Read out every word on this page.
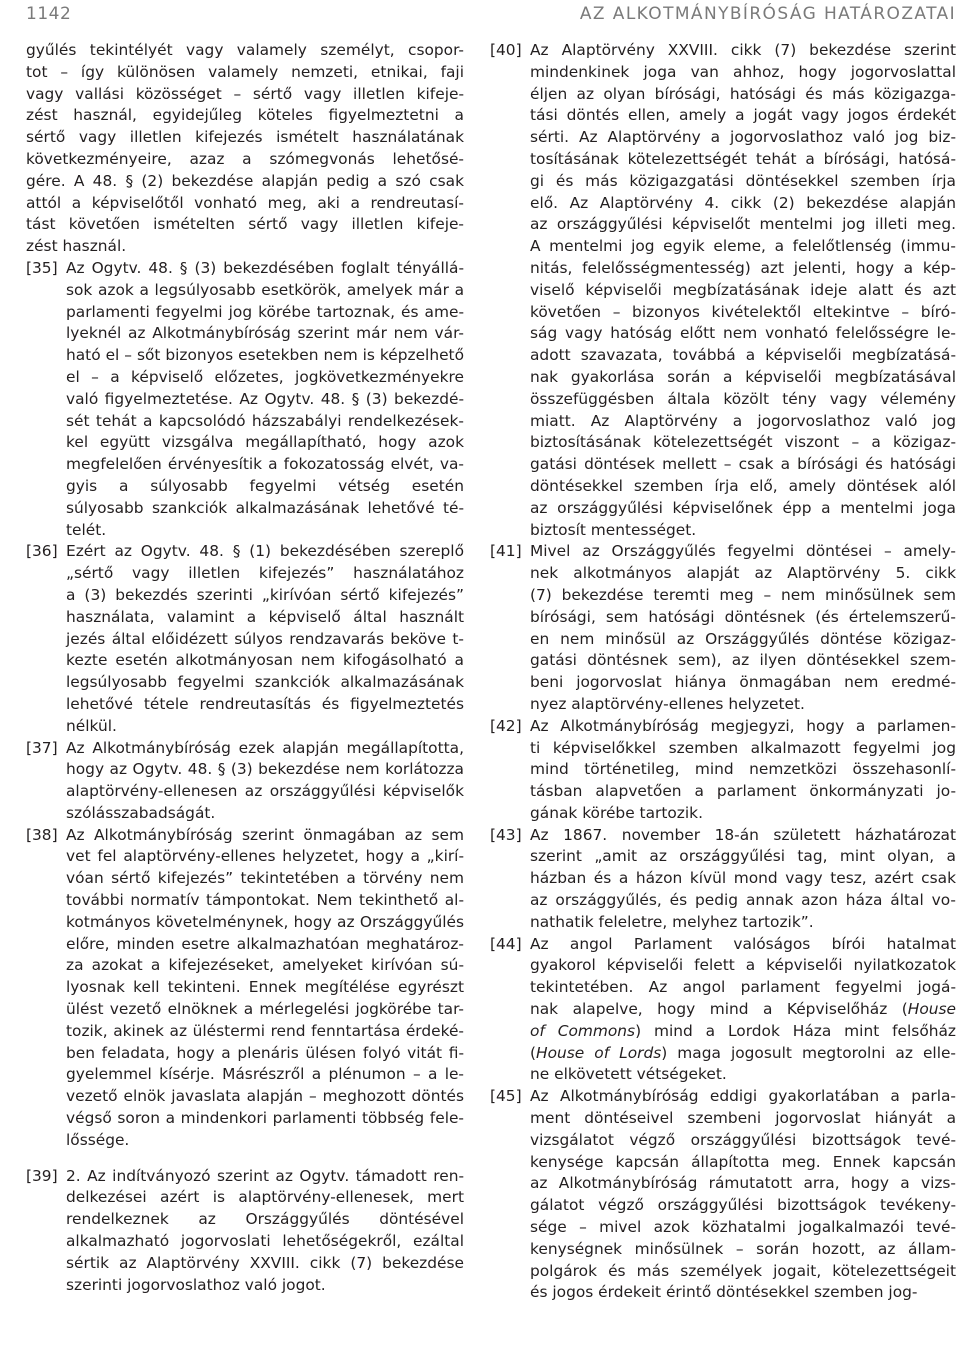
1142	AZ ALKOTMÁNYBÍRÓSÁG HATÁROZATAI
gyűlés tekintélyét vagy valamely személyt, csopor-
tot – így különösen valamely nemzeti, etnikai, faji
vagy vallási közösséget – sértő vagy illetlen kifeje-
zést használ, egyidejűleg köteles figyelmeztetni a
sértő vagy illetlen kifejezés ismételt használatának
következményeire, azaz a szómegvonás lehetősé-
gére. A 48. § (2) bekezdése alapján pedig a szó csak
attól a képviselőtől vonható meg, aki a rendreutasí-
tást követően ismételten sértő vagy illetlen kifeje-
zést használ.
[35] Az Ogytv. 48. § (3) bekezdésében foglalt tényállá-
sok azok a legsúlyosabb esetkörök, amelyek már a
parlamenti fegyelmi jog körébe tartoznak, és ame-
lyeknél az Alkotmánybíróság szerint már nem vár-
ható el – sőt bizonyos esetekben nem is képzelhető
el – a képviselő előzetes, jogkövetkezményekre
való figyelmeztetése. Az Ogytv. 48. § (3) bekezdé-
sét tehát a kapcsolódó házszabályi rendelkezések-
kel együtt vizsgálva megállapítható, hogy azok
megfelelően érvényesítik a fokozatosság elvét, va-
gyis a súlyosabb fegyelmi vétség esetén
súlyosabb szankciók alkalmazásának lehetővé té-
telét.
[36] Ezért az Ogytv. 48. § (1) bekezdésében szereplő
„sértő vagy illetlen kifejezés” használatához
a (3) bekezdés szerinti „kirívóan sértő kifejezés”
használata, valamint a képviselő által használt
jezés által előidézett súlyos rendzavarás beköve t-
kezte esetén alkotmányosan nem kifogásolható a
legsúlyosabb fegyelmi szankciók alkalmazásának
lehetővé tétele rendreutasítás és figyelmeztetés
nélkül.
[37] Az Alkotmánybíróság ezek alapján megállapította,
hogy az Ogytv. 48. § (3) bekezdése nem korlátozza
alaptörvény-ellenesen az országgyűlési képviselők
szólásszabadságát.
[38] Az Alkotmánybíróság szerint önmagában az sem
vet fel alaptörvény-ellenes helyzetet, hogy a „kirí-
vóan sértő kifejezés” tekintetében a törvény nem
további normatív támpontokat. Nem tekinthető al-
kotmányos követelménynek, hogy az Országgyűlés
előre, minden esetre alkalmazhatóan meghatároz-
za azokat a kifejezéseket, amelyeket kirívóan sú-
lyosnak kell tekinteni. Ennek megítélése egyrészt
ülést vezető elnöknek a mérlegelési jogkörébe tar-
tozik, akinek az üléstermi rend fenntartása érdeké-
ben feladata, hogy a plenáris ülésen folyó vitát fi-
gyelemmel kísérje. Másrészről a plénumon – a le-
vezető elnök javaslata alapján – meghozott döntés
végső soron a mindenkori parlamenti többség fele-
lőssége.
[39] 2. Az indítványozó szerint az Ogytv. támadott ren-
delkezései azért is alaptörvény-ellenesek, mert
rendelkeznek az Országgyűlés döntésével
alkalmazható jogorvoslati lehetőségekről, ezáltal
sértik az Alaptörvény XXVIII. cikk (7) bekezdése
szerinti jogorvoslathoz való jogot.
[40] Az Alaptörvény XXVIII. cikk (7) bekezdése szerint
mindenkinek joga van ahhoz, hogy jogorvoslattal
éljen az olyan bírósági, hatósági és más közigazga-
tási döntés ellen, amely a jogát vagy jogos érdekét
sérti. Az Alaptörvény a jogorvoslathoz való jog biz-
tosításának kötelezettségét tehát a bírósági, hatósá-
gi és más közigazgatási döntésekkel szemben írja
elő. Az Alaptörvény 4. cikk (2) bekezdése alapján
az országgyűlési képviselőt mentelmi jog illeti meg.
A mentelmi jog egyik eleme, a felelőtlenség (immu-
nitás, felelősségmentesség) azt jelenti, hogy a kép-
viselő képviselői megbízatásának ideje alatt és azt
követően – bizonyos kivételektől eltekintve – bíró-
ság vagy hatóság előtt nem vonható felelősségre le-
adott szavazata, továbbá a képviselői megbízatásá-
nak gyakorlása során a képviselői megbízatásával
összefüggésben általa közölt tény vagy vélemény
miatt. Az Alaptörvény a jogorvoslathoz való jog
biztosításának kötelezettségét viszont – a közigaz-
gatási döntések mellett – csak a bírósági és hatósági
döntésekkel szemben írja elő, amely döntések alól
az országgyűlési képviselőnek épp a mentelmi joga
biztosít mentességet.
[41] Mivel az Országgyűlés fegyelmi döntései – amely-
nek alkotmányos alapját az Alaptörvény 5. cikk
(7) bekezdése teremti meg – nem minősülnek sem
bírósági, sem hatósági döntésnek (és értelemszerű-
en nem minősül az Országgyűlés döntése közigaz-
gatási döntésnek sem), az ilyen döntésekkel szem-
beni jogorvoslat hiánya önmagában nem eredmé-
nyez alaptörvény-ellenes helyzetet.
[42] Az Alkotmánybíróság megjegyzi, hogy a parlamen-
ti képviselőkkel szemben alkalmazott fegyelmi jog
mind történetileg, mind nemzetközi összehasonlí-
tásban alapvetően a parlament önkormányzati jo-
gának körébe tartozik.
[43] Az 1867. november 18-án született házhatározat
szerint „amit az országgyűlési tag, mint olyan, a
házban és a házon kívül mond vagy tesz, azért csak
az országgyűlés, és pedig annak azon háza által vo-
nathatik feleletre, melyhez tartozik”.
[44] Az angol Parlament valóságos bírói hatalmat
gyakorol képviselői felett a képviselői nyilatkozatok
tekintetében. Az angol parlament fegyelmi jogá-
nak alapelve, hogy mind a Képviselőház (House
of Commons) mind a Lordok Háza mint felsőház
(House of Lords) maga jogosult megtorolni az elle-
ne elkövetett vétségeket.
[45] Az Alkotmánybíróság eddigi gyakorlatában a parla-
ment döntéseivel szembeni jogorvoslat hiányát a
vizsgálatot végző országgyűlési bizottságok tevé-
kenysége kapcsán állapította meg. Ennek kapcsán
az Alkotmánybíróság rámutatott arra, hogy a vizs-
gálatot végző országgyűlési bizottságok tevékeny-
sége – mivel azok közhatalmi jogalkalmazói tevé-
kenységnek minősülnek – során hozott, az állam-
polgárok és más személyek jogait, kötelezettségeit
és jogos érdekeit érintő döntésekkel szemben jog-
